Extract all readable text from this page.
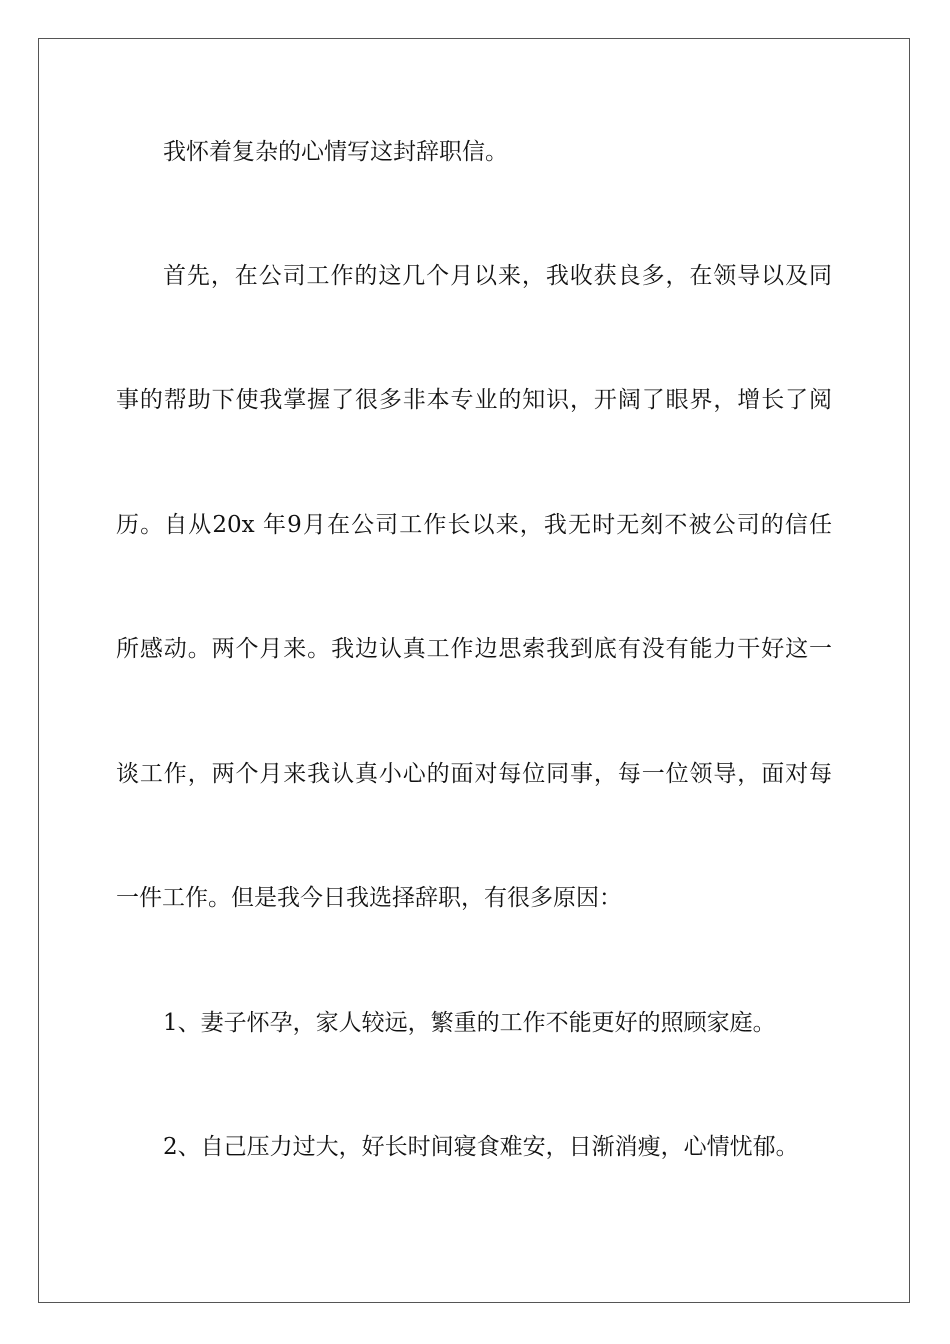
我怀着复杂的心情写这封辞职信。
首先，在公司工作的这几个月以来，我收获良多，在领导以及同
事的帮助下使我掌握了很多非本专业的知识，开阔了眼界，增长了阅
历。自从20x 年9月在公司工作长以来，我无时无刻不被公司的信任
所感动。两个月来。我边认真工作边思索我到底有没有能力干好这一
谈工作，两个月来我认真小心的面对每位同事，每一位领导，面对每
一件工作。但是我今日我选择辞职，有很多原因：
1、妻子怀孕，家人较远，繁重的工作不能更好的照顾家庭。
2、自己压力过大，好长时间寝食难安，日渐消瘦，心情忧郁。
